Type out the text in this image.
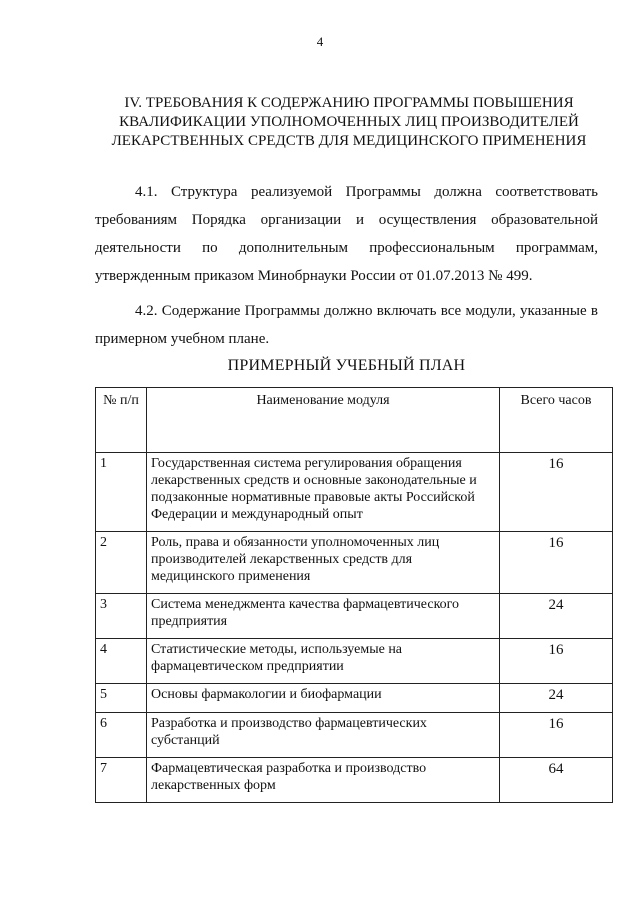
4
IV. ТРЕБОВАНИЯ К СОДЕРЖАНИЮ ПРОГРАММЫ ПОВЫШЕНИЯ
КВАЛИФИКАЦИИ УПОЛНОМОЧЕННЫХ ЛИЦ ПРОИЗВОДИТЕЛЕЙ
ЛЕКАРСТВЕННЫХ СРЕДСТВ ДЛЯ МЕДИЦИНСКОГО ПРИМЕНЕНИЯ
4.1. Структура реализуемой Программы должна соответствовать
требованиям Порядка организации и осуществления образовательной
деятельности по дополнительным профессиональным программам,
утвержденным приказом Минобрнауки России от 01.07.2013 № 499.
4.2. Содержание Программы должно включать все модули, указанные в
примерном учебном плане.
ПРИМЕРНЫЙ УЧЕБНЫЙ ПЛАН
№ п/п	Наименование модуля	Всего часов
1	Государственная система регулирования обращения лекарственных средств и основные законодательные и подзаконные нормативные правовые акты Российской Федерации и международный опыт	16
2	Роль, права и обязанности уполномоченных лиц производителей лекарственных средств для медицинского применения	16
3	Система менеджмента качества фармацевтического предприятия	24
4	Статистические методы, используемые на фармацевтическом предприятии	16
5	Основы фармакологии и биофармации	24
6	Разработка и производство фармацевтических субстанций	16
7	Фармацевтическая разработка и производство лекарственных форм	64
